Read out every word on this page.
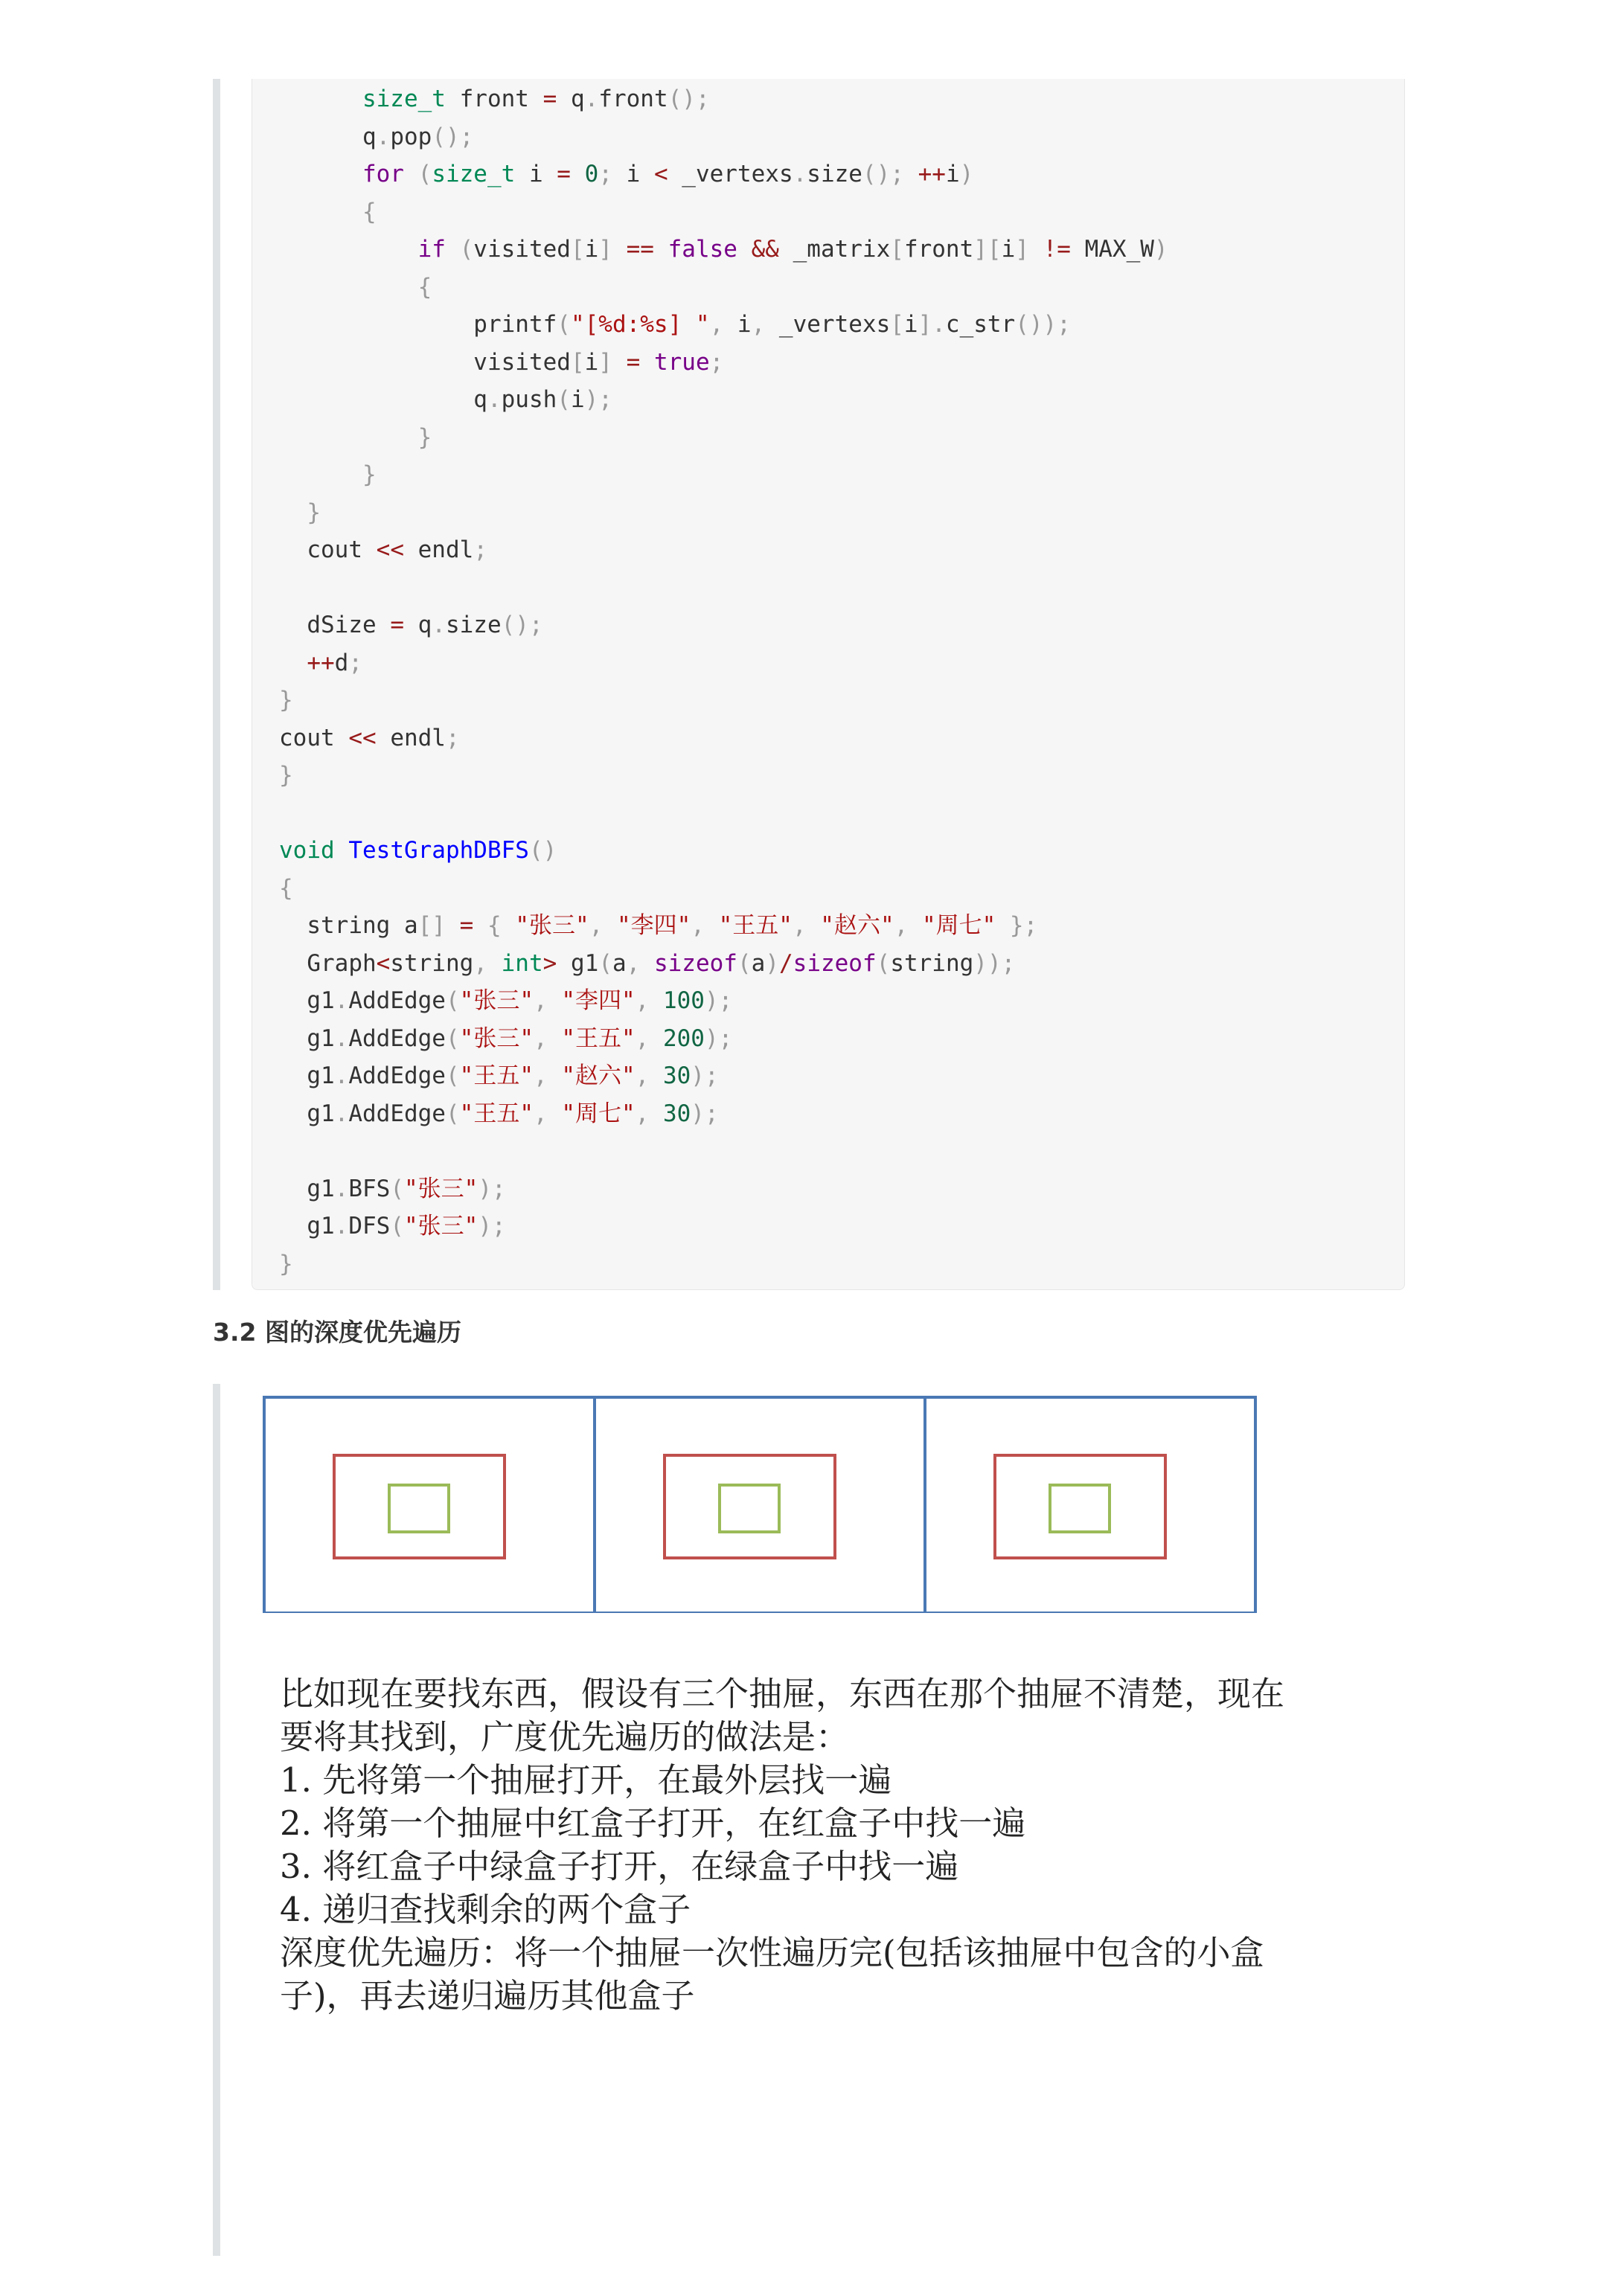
size_t front = q.front();
q.pop();
for (size_t i = 0; i < _vertexs.size(); ++i)
{
if (visited[i] == false && _matrix[front][i] != MAX_W)
{
printf("[%d:%s] ", i, _vertexs[i].c_str());
visited[i] = true;
q.push(i);
}
}
}
cout << endl;
dSize = q.size();
++d;
}
cout << endl;
}
void TestGraphDBFS()
{
string a[] = { "张三", "李四", "王五", "赵六", "周七" };
Graph<string, int> g1(a, sizeof(a)/sizeof(string));
g1.AddEdge("张三", "李四", 100);
g1.AddEdge("张三", "王五", 200);
g1.AddEdge("王五", "赵六", 30);
g1.AddEdge("王五", "周七", 30);
g1.BFS("张三");
g1.DFS("张三");
}
3.2 图的深度优先遍历
比如现在要找东西，假设有三个抽屉，东西在那个抽屉不清楚，现在
要将其找到，广度优先遍历的做法是：
1. 先将第一个抽屉打开，在最外层找一遍
2. 将第一个抽屉中红盒子打开，在红盒子中找一遍
3. 将红盒子中绿盒子打开，在绿盒子中找一遍
4. 递归查找剩余的两个盒子
深度优先遍历：将一个抽屉一次性遍历完(包括该抽屉中包含的小盒
子)，再去递归遍历其他盒子
